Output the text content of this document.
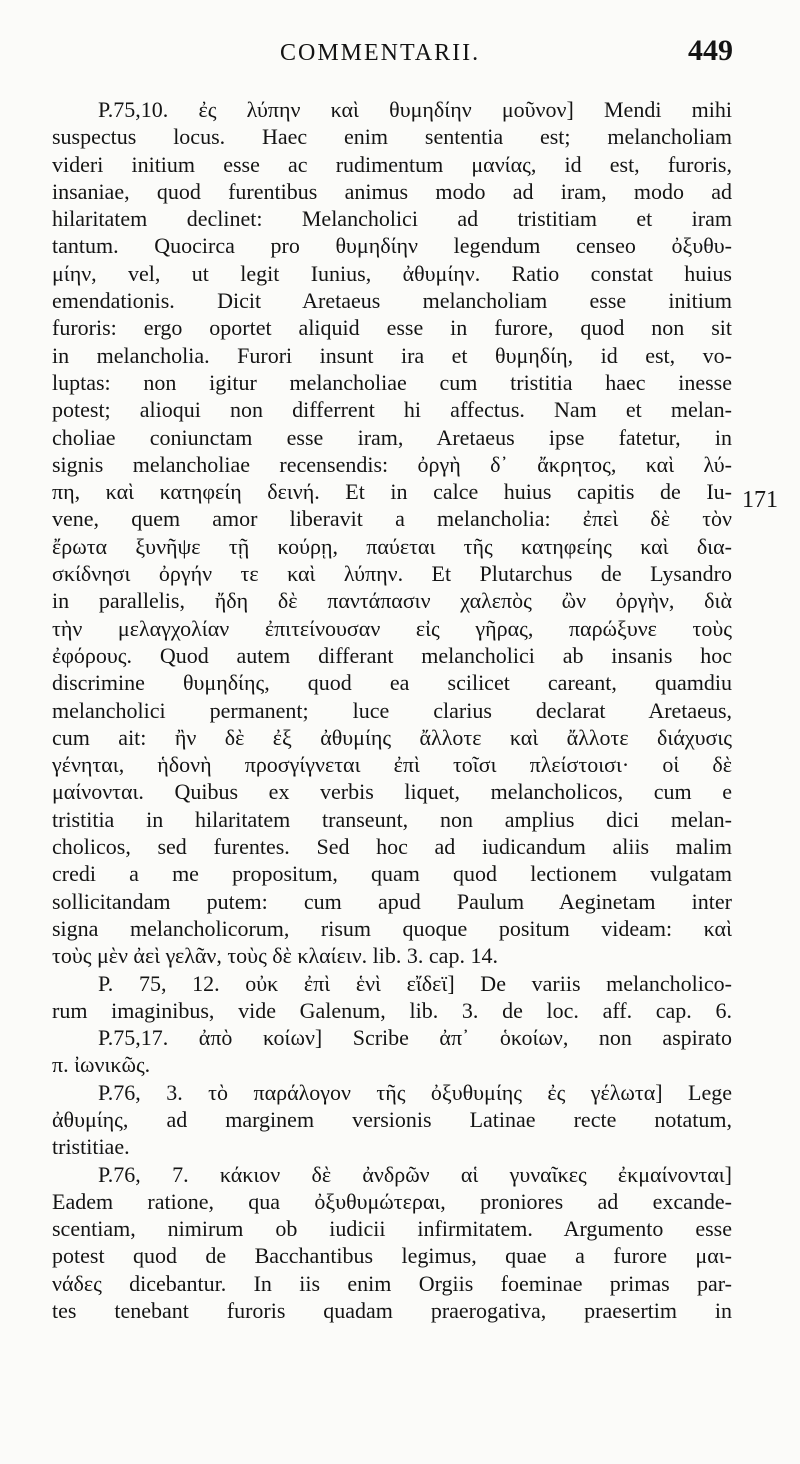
COMMENTARII.	449
P.75,10. ἐς λύπην καὶ θυμηδίην μοῦνον] Mendi mihi
suspectus locus. Haec enim sententia est; melancholiam
videri initium esse ac rudimentum μανίας, id est, furoris,
insaniae, quod furentibus animus modo ad iram, modo ad
hilaritatem declinet: Melancholici ad tristitiam et iram
tantum. Quocirca pro θυμηδίην legendum censeo ὀξυθυ-
μίην, vel, ut legit Iunius, ἀθυμίην. Ratio constat huius
emendationis. Dicit Aretaeus melancholiam esse initium
furoris: ergo oportet aliquid esse in furore, quod non sit
in melancholia. Furori insunt ira et θυμηδίη, id est, vo-
luptas: non igitur melancholiae cum tristitia haec inesse
potest; alioqui non differrent hi affectus. Nam et melan-
choliae coniunctam esse iram, Aretaeus ipse fatetur, in
signis melancholiae recensendis: ὀργὴ δ᾽ ἄκρητος, καὶ λύ-
πη, καὶ κατηφείη δεινή. Et in calce huius capitis de Iu-
vene, quem amor liberavit a melancholia: ἐπεὶ δὲ τὸν
ἔρωτα ξυνῆψε τῇ κούρῃ, παύεται τῆς κατηφείης καὶ δια-
σκίδνησι ὀργήν τε καὶ λύπην. Et Plutarchus de Lysandro
in parallelis, ἤδη δὲ παντάπασιν χαλεπὸς ὢν ὀργὴν, διὰ
τὴν μελαγχολίαν ἐπιτείνουσαν εἰς γῆρας, παρώξυνε τοὺς
ἐφόρους. Quod autem differant melancholici ab insanis hoc
discrimine θυμηδίης, quod ea scilicet careant, quamdiu
melancholici permanent; luce clarius declarat Aretaeus,
cum ait: ἢν δὲ ἐξ ἀθυμίης ἄλλοτε καὶ ἄλλοτε διάχυσις
γένηται, ἡδονὴ προσγίγνεται ἐπὶ τοῖσι πλείστοισι· οἱ δὲ
μαίνονται. Quibus ex verbis liquet, melancholicos, cum e
tristitia in hilaritatem transeunt, non amplius dici melan-
cholicos, sed furentes. Sed hoc ad iudicandum aliis malim
credi a me propositum, quam quod lectionem vulgatam
sollicitandam putem: cum apud Paulum Aeginetam inter
signa melancholicorum, risum quoque positum videam: καὶ
τοὺς μὲν ἀεὶ γελᾶν, τοὺς δὲ κλαίειν. lib. 3. cap. 14.
P. 75, 12. οὐκ ἐπὶ ἑνὶ εἴδεϊ] De variis melancholico-
rum imaginibus, vide Galenum, lib. 3. de loc. aff. cap. 6.
P.75,17. ἀπὸ κοίων] Scribe ἀπ᾽ ὁκοίων, non aspirato
π. ἰωνικῶς.
P.76, 3. τὸ παράλογον τῆς ὀξυθυμίης ἐς γέλωτα] Lege
ἀθυμίης, ad marginem versionis Latinae recte notatum,
tristitiae.
P.76, 7. κάκιον δὲ ἀνδρῶν αἱ γυναῖκες ἐκμαίνονται]
Eadem ratione, qua ὀξυθυμώτεραι, proniores ad excande-
scentiam, nimirum ob iudicii infirmitatem. Argumento esse
potest quod de Bacchantibus legimus, quae a furore μαι-
νάδες dicebantur. In iis enim Orgiis foeminae primas par-
tes tenebant furoris quadam praerogativa, praesertim in
171
